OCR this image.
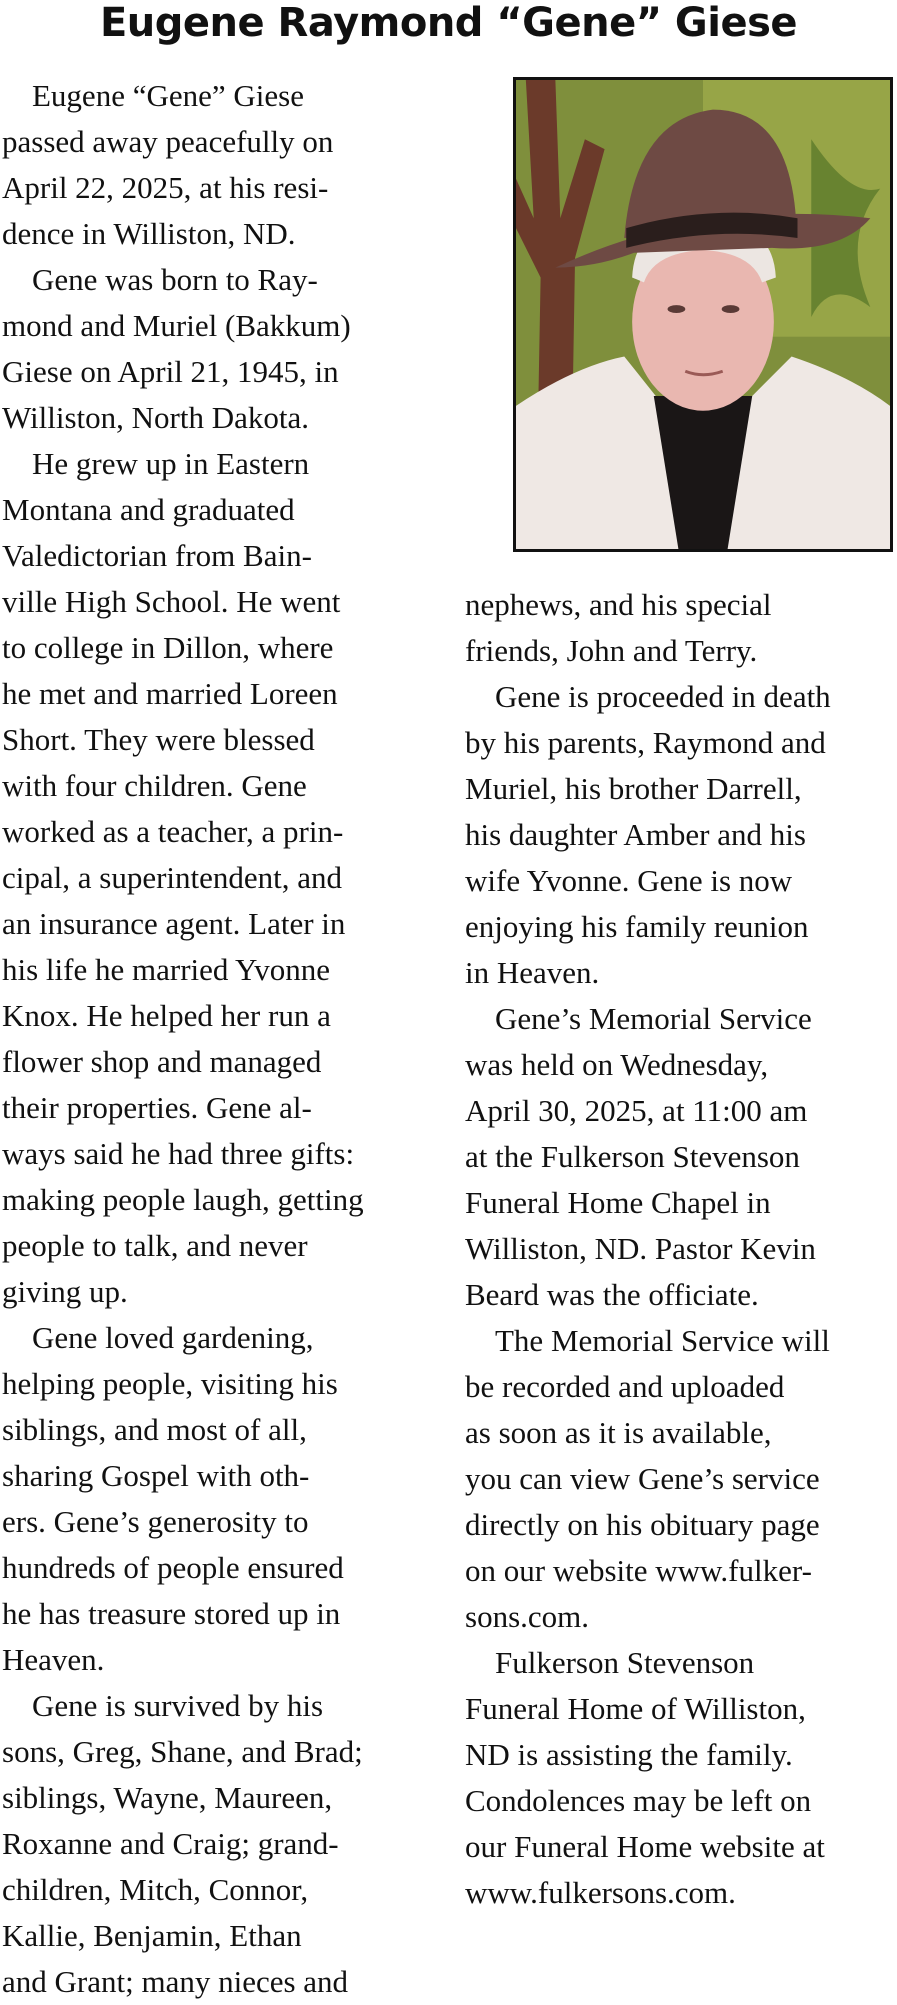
Eugene Raymond “Gene” Giese

Eugene “Gene” Giese
passed away peacefully on
April 22, 2025, at his resi-
dence in Williston, ND.

Gene was born to Ray-
mond and Muriel (Bakkum)
Giese on April 21, 1945, in
Williston, North Dakota.

He grew up in Eastern
Montana and graduated
Valedictorian from Bain-
ville High School. He went
to college in Dillon, where
he met and married Loreen
Short. They were blessed
with four children. Gene
worked as a teacher, a prin-
cipal, a superintendent, and
an insurance agent. Later in
his life he married Yvonne
Knox. He helped her run a
flower shop and managed
their properties. Gene al-
ways said he had three gifts:
making people laugh, getting
people to talk, and never
giving up.

Gene loved gardening,
helping people, visiting his
siblings, and most of all,
sharing Gospel with oth-
ers. Gene’s generosity to
hundreds of people ensured
he has treasure stored up in
Heaven.

Gene is survived by his
sons, Greg, Shane, and Brad;
siblings, Wayne, Maureen,
Roxanne and Craig; grand-
children, Mitch, Connor,
Kallie, Benjamin, Ethan
and Grant; many nieces and

nephews, and his special
friends, John and Terry.

Gene is proceeded in death
by his parents, Raymond and
Muriel, his brother Darrell,
his daughter Amber and his
wife Yvonne. Gene is now
enjoying his family reunion
in Heaven.

Gene’s Memorial Service
was held on Wednesday,
April 30, 2025, at 11:00 am
at the Fulkerson Stevenson
Funeral Home Chapel in
Williston, ND. Pastor Kevin
Beard was the officiate.

The Memorial Service will
be recorded and uploaded
as soon as it is available,
you can view Gene’s service
directly on his obituary page
on our website www.fulker-
sons.com.

Fulkerson Stevenson
Funeral Home of Williston,
ND is assisting the family.
Condolences may be left on
our Funeral Home website at
www.fulkersons.com.
